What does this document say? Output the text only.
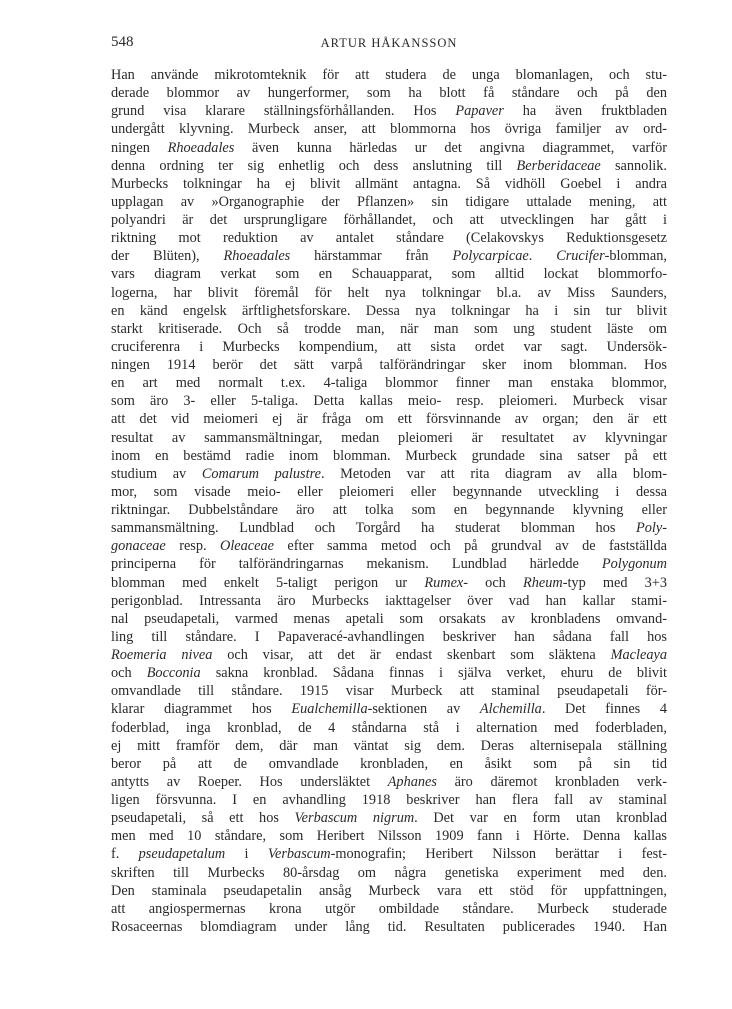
548	ARTUR HÅKANSSON
Han använde mikrotomteknik för att studera de unga blomanlagen, och stu-
derade blommor av hungerformer, som ha blott få ståndare och på den
grund visa klarare ställningsförhållanden. Hos Papaver ha även fruktbladen
undergått klyvning. Murbeck anser, att blommorna hos övriga familjer av ord-
ningen Rhoeadales även kunna härledas ur det angivna diagrammet, varför
denna ordning ter sig enhetlig och dess anslutning till Berberidaceae sannolik.
Murbecks tolkningar ha ej blivit allmänt antagna. Så vidhöll Goebel i andra
upplagan av »Organographie der Pflanzen» sin tidigare uttalade mening, att
polyandri är det ursprungligare förhållandet, och att utvecklingen har gått i
riktning mot reduktion av antalet ståndare (Celakovskys Reduktionsgesetz
der Blüten), Rhoeadales härstammar från Polycarpicae. Crucifer-blomman,
vars diagram verkat som en Schauapparat, som alltid lockat blommorfo-
logerna, har blivit föremål för helt nya tolkningar bl.a. av Miss Saunders,
en känd engelsk ärftlighetsforskare. Dessa nya tolkningar ha i sin tur blivit
starkt kritiserade. Och så trodde man, när man som ung student läste om
cruciferenra i Murbecks kompendium, att sista ordet var sagt. Undersök-
ningen 1914 berör det sätt varpå talförändringar sker inom blomman. Hos
en art med normalt t.ex. 4-taliga blommor finner man enstaka blommor,
som äro 3- eller 5-taliga. Detta kallas meio- resp. pleiomeri. Murbeck visar
att det vid meiomeri ej är fråga om ett försvinnande av organ; den är ett
resultat av sammansmältningar, medan pleiomeri är resultatet av klyvningar
inom en bestämd radie inom blomman. Murbeck grundade sina satser på ett
studium av Comarum palustre. Metoden var att rita diagram av alla blom-
mor, som visade meio- eller pleiomeri eller begynnande utveckling i dessa
riktningar. Dubbelståndare äro att tolka som en begynnande klyvning eller
sammansmältning. Lundblad och Torgård ha studerat blomman hos Poly-
gonaceae resp. Oleaceae efter samma metod och på grundval av de fastställda
principerna för talförändringarnas mekanism. Lundblad härledde Polygonum
blomman med enkelt 5-taligt perigon ur Rumex- och Rheum-typ med 3+3
perigonblad. Intressanta äro Murbecks iakttagelser över vad han kallar stami-
nal pseudapetali, varmed menas apetali som orsakats av kronbladens omvand-
ling till ståndare. I Papaveracé-avhandlingen beskriver han sådana fall hos
Roemeria nivea och visar, att det är endast skenbart som släktena Macleaya
och Bocconia sakna kronblad. Sådana finnas i själva verket, ehuru de blivit
omvandlade till ståndare. 1915 visar Murbeck att staminal pseudapetali för-
klarar diagrammet hos Eualchemilla-sektionen av Alchemilla. Det finnes 4
foderblad, inga kronblad, de 4 ståndarna stå i alternation med foderbladen,
ej mitt framför dem, där man väntat sig dem. Deras alternisepala ställning
beror på att de omvandlade kronbladen, en åsikt som på sin tid
antytts av Roeper. Hos undersläktet Aphanes äro däremot kronbladen verk-
ligen försvunna. I en avhandling 1918 beskriver han flera fall av staminal
pseudapetali, så ett hos Verbascum nigrum. Det var en form utan kronblad
men med 10 ståndare, som Heribert Nilsson 1909 fann i Hörte. Denna kallas
f. pseudapetalum i Verbascum-monografin; Heribert Nilsson berättar i fest-
skriften till Murbecks 80-årsdag om några genetiska experiment med den.
Den staminala pseudapetalin ansåg Murbeck vara ett stöd för uppfattningen,
att angiospermernas krona utgör ombildade ståndare. Murbeck studerade
Rosaceernas blomdiagram under lång tid. Resultaten publicerades 1940. Han
